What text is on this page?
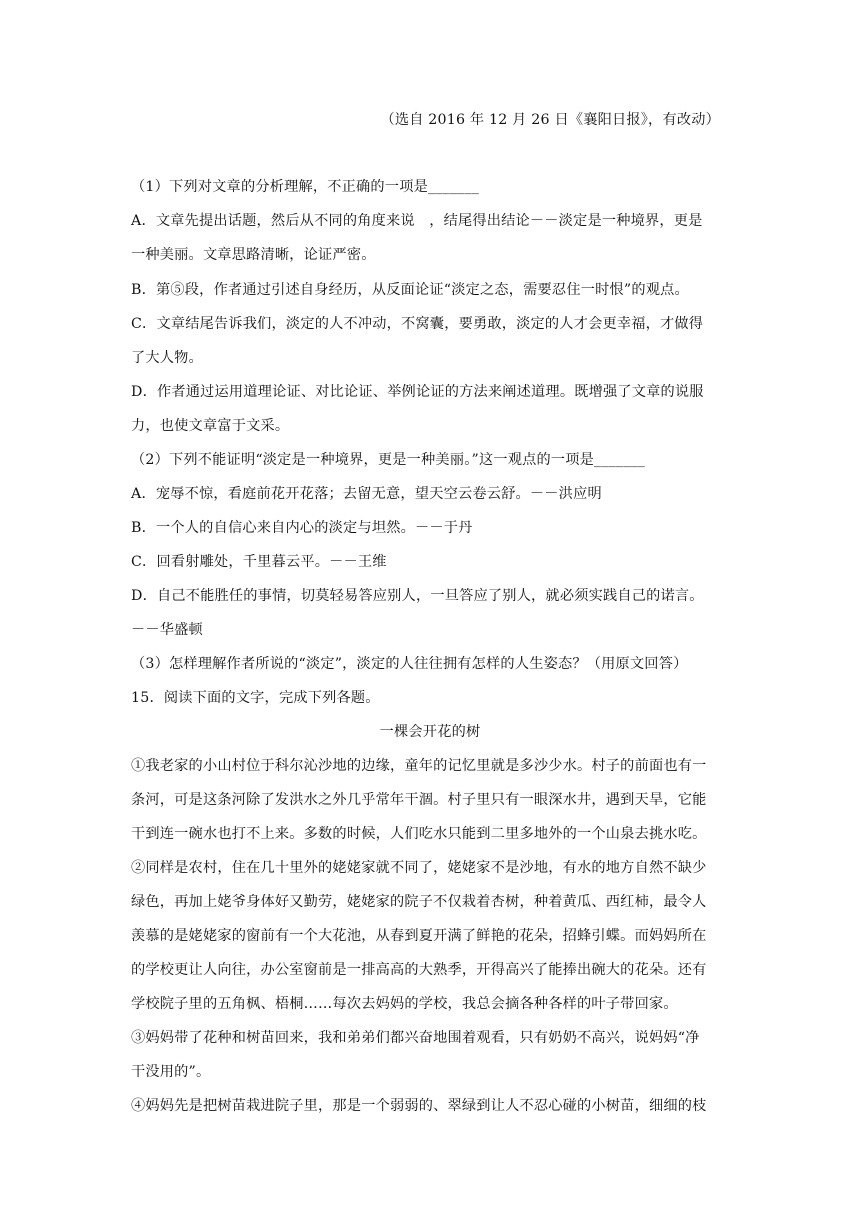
（选自 2016 年 12 月 26 日《襄阳日报》，有改动）
（1）下列对文章的分析理解，不正确的一项是_______
A．文章先提出话题，然后从不同的角度来说　，结尾得出结论－－淡定是一种境界，更是
一种美丽。文章思路清晰，论证严密。
B．第⑤段，作者通过引述自身经历，从反面论证“淡定之态，需要忍住一时恨”的观点。
C．文章结尾告诉我们，淡定的人不冲动，不窝囊，要勇敢，淡定的人才会更幸福，才做得
了大人物。
D．作者通过运用道理论证、对比论证、举例论证的方法来阐述道理。既增强了文章的说服
力，也使文章富于文采。
（2）下列不能证明“淡定是一种境界，更是一种美丽。”这一观点的一项是_______
A．宠辱不惊，看庭前花开花落；去留无意，望天空云卷云舒。－－洪应明
B．一个人的自信心来自内心的淡定与坦然。－－于丹
C．回看射雕处，千里暮云平。－－王维
D．自己不能胜任的事情，切莫轻易答应别人，一旦答应了别人，就必须实践自己的诺言。
－－华盛顿
（3）怎样理解作者所说的“淡定”，淡定的人往往拥有怎样的人生姿态？（用原文回答）
15．阅读下面的文字，完成下列各题。
一棵会开花的树
①我老家的小山村位于科尔沁沙地的边缘，童年的记忆里就是多沙少水。村子的前面也有一
条河，可是这条河除了发洪水之外几乎常年干涸。村子里只有一眼深水井，遇到天旱，它能
干到连一碗水也打不上来。多数的时候，人们吃水只能到二里多地外的一个山泉去挑水吃。
②同样是农村，住在几十里外的姥姥家就不同了，姥姥家不是沙地，有水的地方自然不缺少
绿色，再加上姥爷身体好又勤劳，姥姥家的院子不仅栽着杏树，种着黄瓜、西红柿，最令人
羡慕的是姥姥家的窗前有一个大花池，从春到夏开满了鲜艳的花朵，招蜂引蝶。而妈妈所在
的学校更让人向往，办公室窗前是一排高高的大熟季，开得高兴了能捧出碗大的花朵。还有
学校院子里的五角枫、梧桐……每次去妈妈的学校，我总会摘各种各样的叶子带回家。
③妈妈带了花种和树苗回来，我和弟弟们都兴奋地围着观看，只有奶奶不高兴，说妈妈“净
干没用的”。
④妈妈先是把树苗栽进院子里，那是一个弱弱的、翠绿到让人不忍心碰的小树苗，细细的枝
